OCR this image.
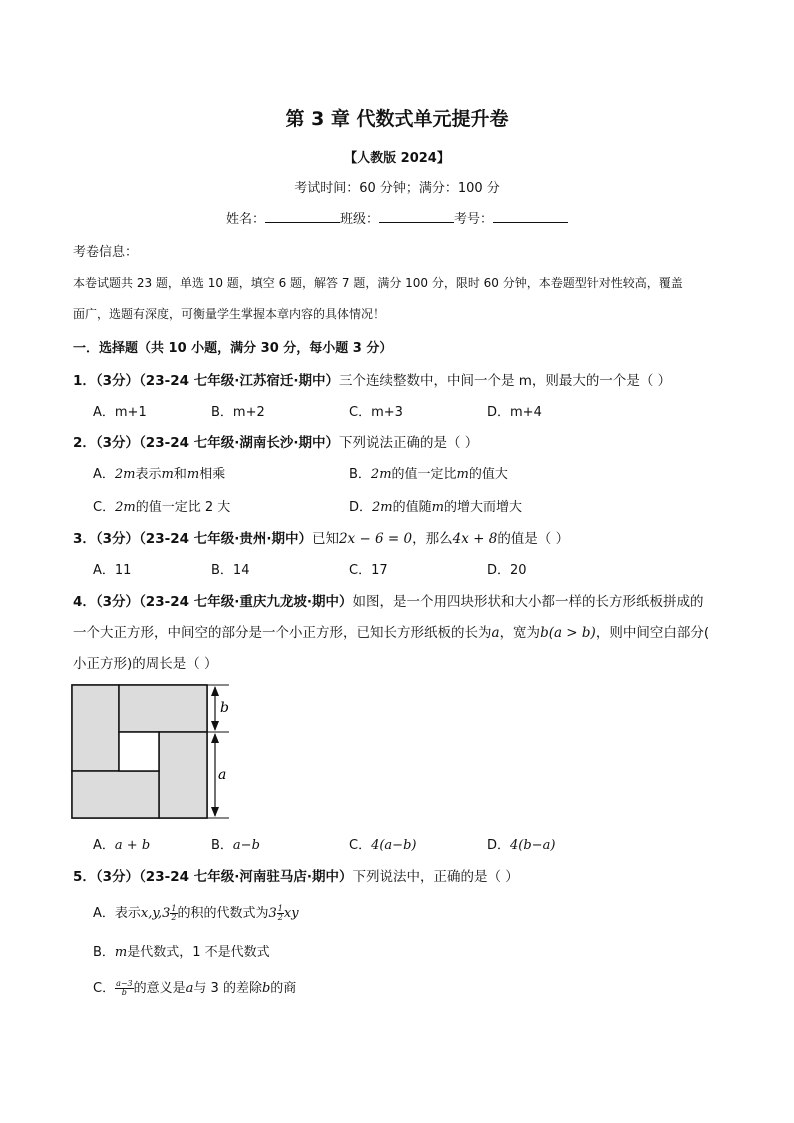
第 3 章 代数式单元提升卷
【人教版 2024】
考试时间：60 分钟；满分：100 分
姓名：	班级：	考号：
考卷信息：
本卷试题共 23 题，单选 10 题，填空 6 题，解答 7 题，满分 100 分，限时 60 分钟，本卷题型针对性较高，覆盖
面广，选题有深度，可衡量学生掌握本章内容的具体情况！
一．选择题（共 10 小题，满分 30 分，每小题 3 分）
1．（3分）（23-24 七年级·江苏宿迁·期中）三个连续整数中，中间一个是 m，则最大的一个是（ ）
A．m+1	B．m+2	C．m+3	D．m+4
2．（3分）（23-24 七年级·湖南长沙·期中）下列说法正确的是（ ）
A．2m表示m和m相乘	B．2m的值一定比m的值大
C．2m的值一定比 2 大	D．2m的值随m的增大而增大
3．（3分）（23-24 七年级·贵州·期中）已知2x − 6 = 0，那么4x + 8的值是（ ）
A．11	B．14	C．17	D．20
4．（3分）（23-24 七年级·重庆九龙坡·期中）如图，是一个用四块形状和大小都一样的长方形纸板拼成的
一个大正方形，中间空的部分是一个小正方形，已知长方形纸板的长为a，宽为b(a > b)，则中间空白部分(
小正方形)的周长是（ ）
b
a
A．a + b	B．a−b	C．4(a−b)	D．4(b−a)
5．（3分）（23-24 七年级·河南驻马店·期中）下列说法中，正确的是（ ）
A．表示$x,y,3 \frac{1}{2}$ 的积的代数式为$3 \frac{1}{2}$ xy
B．m是代数式，1 不是代数式
C． $\frac{a-3}{b}$ 的意义是a与 3 的差除b的商
